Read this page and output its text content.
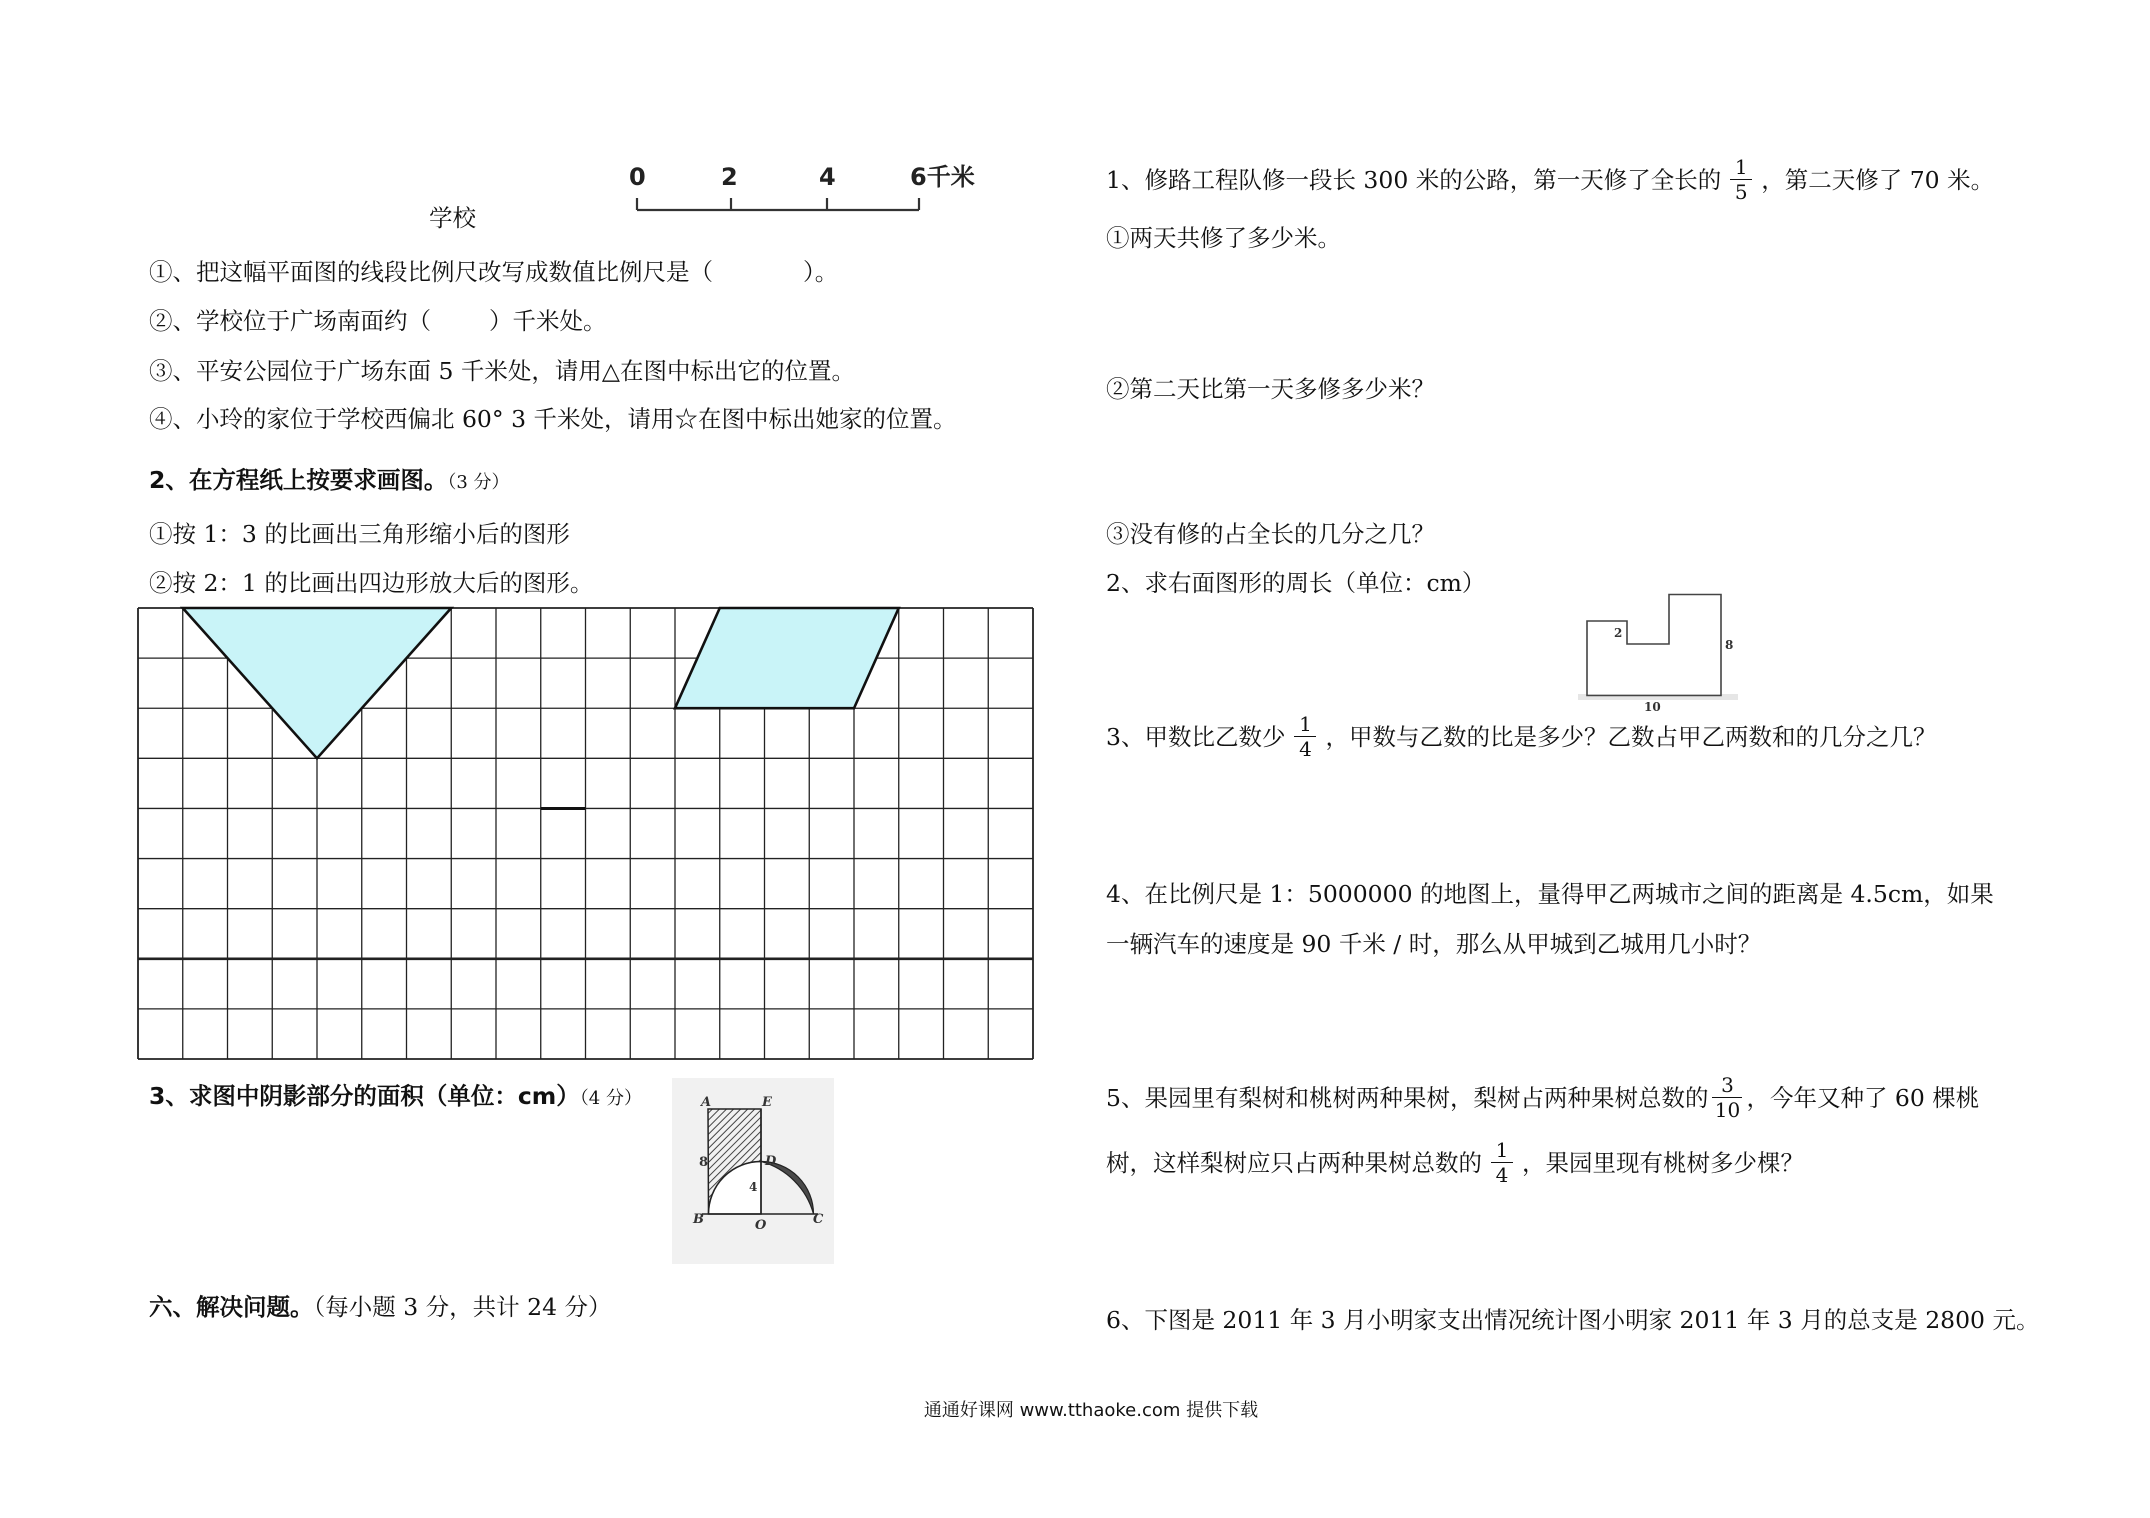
0	2	4	6千米
学校
①、把这幅平面图的线段比例尺改写成数值比例尺是（	）。
②、学校位于广场南面约（ ）千米处。
③、平安公园位于广场东面 5 千米处，请用△在图中标出它的位置。
④、小玲的家位于学校西偏北 60° 3 千米处，请用☆在图中标出她家的位置。
2、在方程纸上按要求画图。（3 分）
①按 1：3 的比画出三角形缩小后的图形
②按 2：1 的比画出四边形放大后的图形。
3、求图中阴影部分的面积（单位：cm）（4 分）	A	E
8	D
4
B	O	C
六、解决问题。（每小题 3 分，共计 24 分）
1、修路工程队修一段长 300 米的公路，第一天修了全长的
$\frac{1}{5}$
，第二天修了 70 米。
①两天共修了多少米。
②第二天比第一天多修多少米？
③没有修的占全长的几分之几？
2、求右面图形的周长（单位：cm）
2
8
10
3、甲数比乙数少
$\frac{1}{4}$
，甲数与乙数的比是多少？乙数占甲乙两数和的几分之几？
4、在比例尺是 1：5000000 的地图上，量得甲乙两城市之间的距离是 4.5cm，如果
一辆汽车的速度是 90 千米 / 时，那么从甲城到乙城用几小时？
5、果园里有梨树和桃树两种果树，梨树占两种果树总数的
$\frac{3}{10}$
，今年又种了 60 棵桃
树，这样梨树应只占两种果树总数的
$\frac{1}{4}$
，果园里现有桃树多少棵？
6、下图是 2011 年 3 月小明家支出情况统计图小明家 2011 年 3 月的总支是 2800 元。
通通好课网 www.tthaoke.com 提供下载
